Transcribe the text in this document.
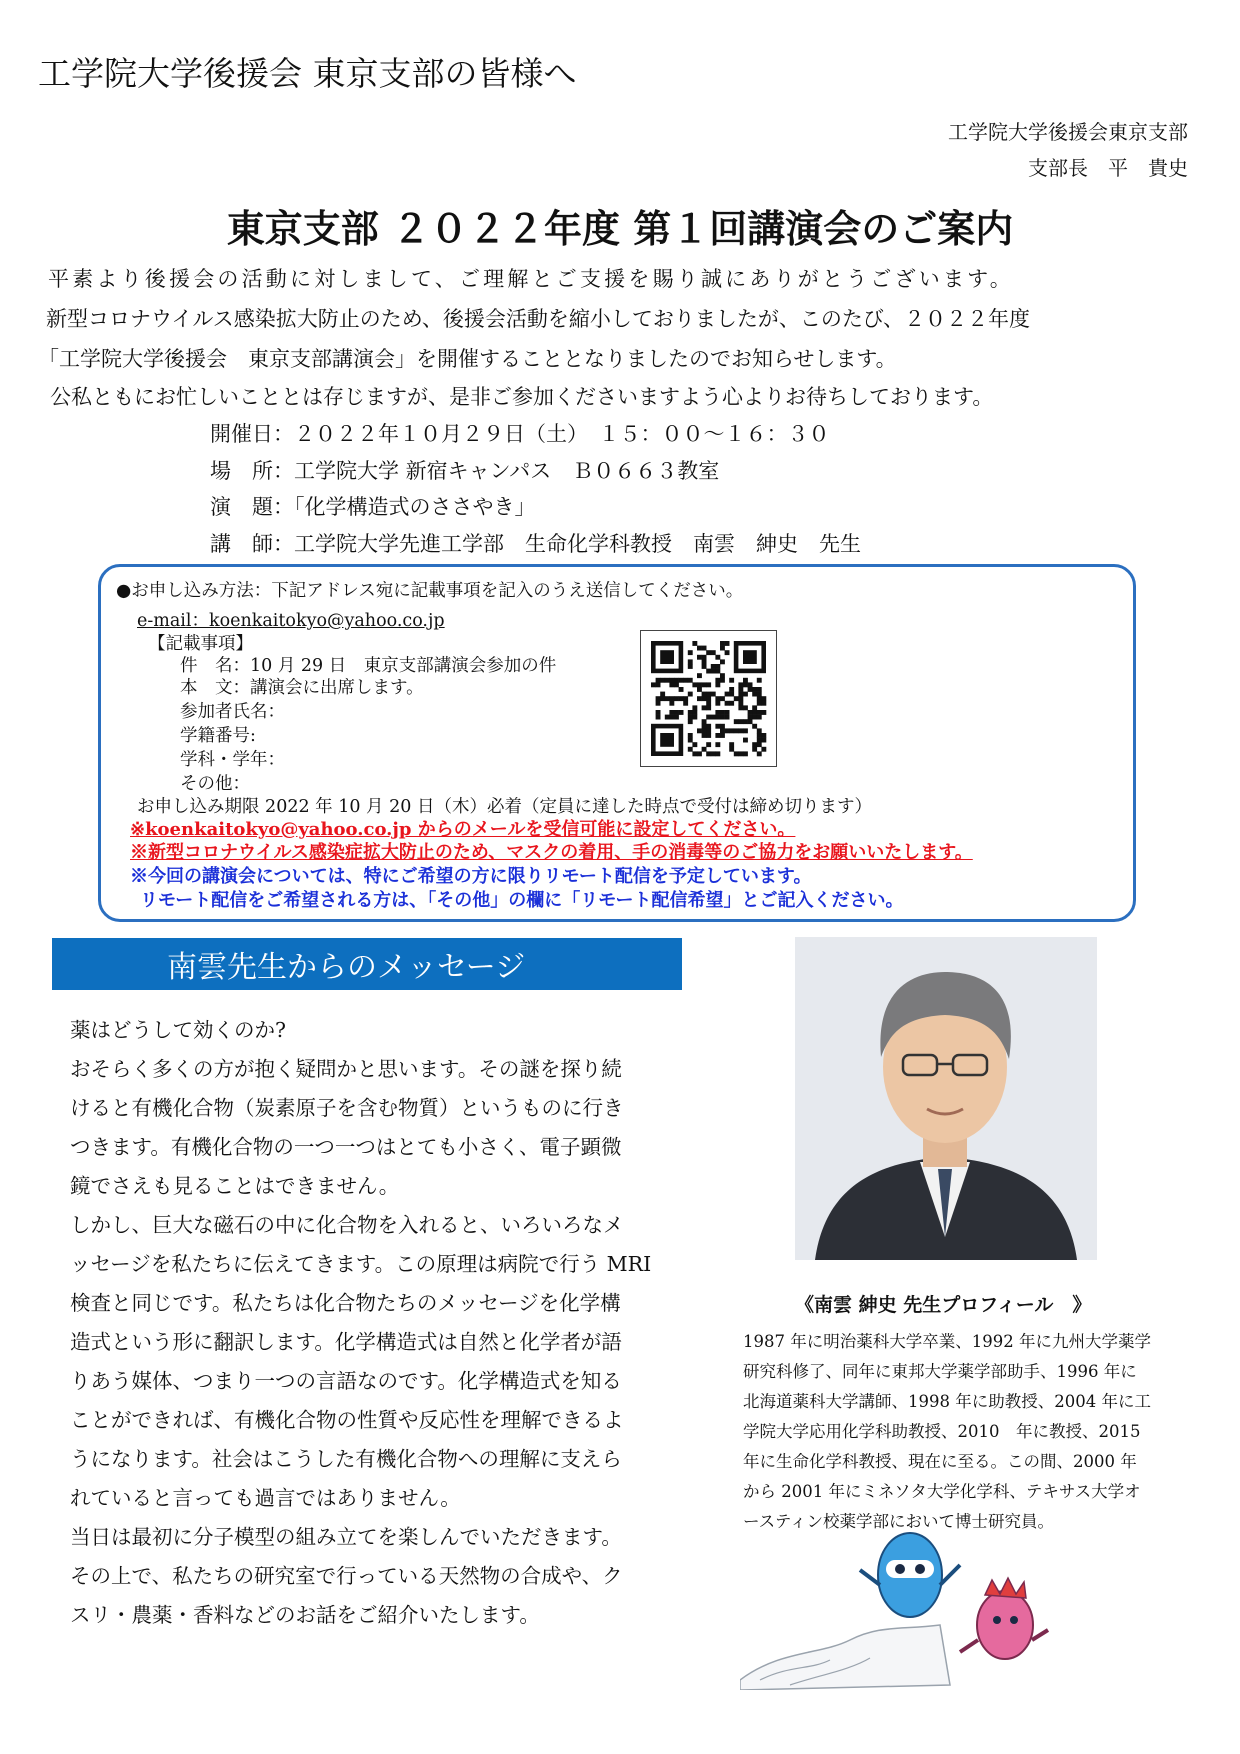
工学院大学後援会 東京支部の皆様へ
工学院大学後援会東京支部
支部長　平　貴史
東京支部 ２０２２年度 第１回講演会のご案内
平素より後援会の活動に対しまして、ご理解とご支援を賜り誠にありがとうございます。
新型コロナウイルス感染拡大防止のため、後援会活動を縮小しておりましたが、このたび、２０２２年度
「工学院大学後援会　東京支部講演会」を開催することとなりましたのでお知らせします。
公私ともにお忙しいこととは存じますが、是非ご参加くださいますよう心よりお待ちしております。
開催日：２０２２年１０月２９日（土）　１５：００～１６：３０
場　所：工学院大学 新宿キャンパス　Ｂ０６６３教室
演　題：「化学構造式のささやき」
講　師：工学院大学先進工学部　生命化学科教授　南雲　紳史　先生
●お申し込み方法：下記アドレス宛に記載事項を記入のうえ送信してください。
e-mail：koenkaitokyo@yahoo.co.jp
【記載事項】
件　名：10 月 29 日　東京支部講演会参加の件
本　文：講演会に出席します。
参加者氏名：
学籍番号:
学科・学年：
その他：
お申し込み期限 2022 年 10 月 20 日（木）必着（定員に達した時点で受付は締め切ります）
※koenkaitokyo@yahoo.co.jp からのメールを受信可能に設定してください。
※新型コロナウイルス感染症拡大防止のため、マスクの着用、手の消毒等のご協力をお願いいたします。
※今回の講演会については、特にご希望の方に限りリモート配信を予定しています。
リモート配信をご希望される方は、「その他」の欄に「リモート配信希望」とご記入ください。
南雲先生からのメッセージ
薬はどうして効くのか?
おそらく多くの方が抱く疑問かと思います。その謎を探り続
けると有機化合物（炭素原子を含む物質）というものに行き
つきます。有機化合物の一つ一つはとても小さく、電子顕微
鏡でさえも見ることはできません。
しかし、巨大な磁石の中に化合物を入れると、いろいろなメ
ッセージを私たちに伝えてきます。この原理は病院で行う MRI
検査と同じです。私たちは化合物たちのメッセージを化学構
造式という形に翻訳します。化学構造式は自然と化学者が語
りあう媒体、つまり一つの言語なのです。化学構造式を知る
ことができれば、有機化合物の性質や反応性を理解できるよ
うになります。社会はこうした有機化合物への理解に支えら
れていると言っても過言ではありません。
当日は最初に分子模型の組み立てを楽しんでいただきます。
その上で、私たちの研究室で行っている天然物の合成や、ク
スリ・農薬・香料などのお話をご紹介いたします。
《南雲 紳史 先生プロフィール　》
1987 年に明治薬科大学卒業、1992 年に九州大学薬学
研究科修了、同年に東邦大学薬学部助手、1996 年に
北海道薬科大学講師、1998 年に助教授、2004 年に工
学院大学応用化学科助教授、2010　年に教授、2015
年に生命化学科教授、現在に至る。この間、2000 年
から 2001 年にミネソタ大学化学科、テキサス大学オ
ースティン校薬学部において博士研究員。
